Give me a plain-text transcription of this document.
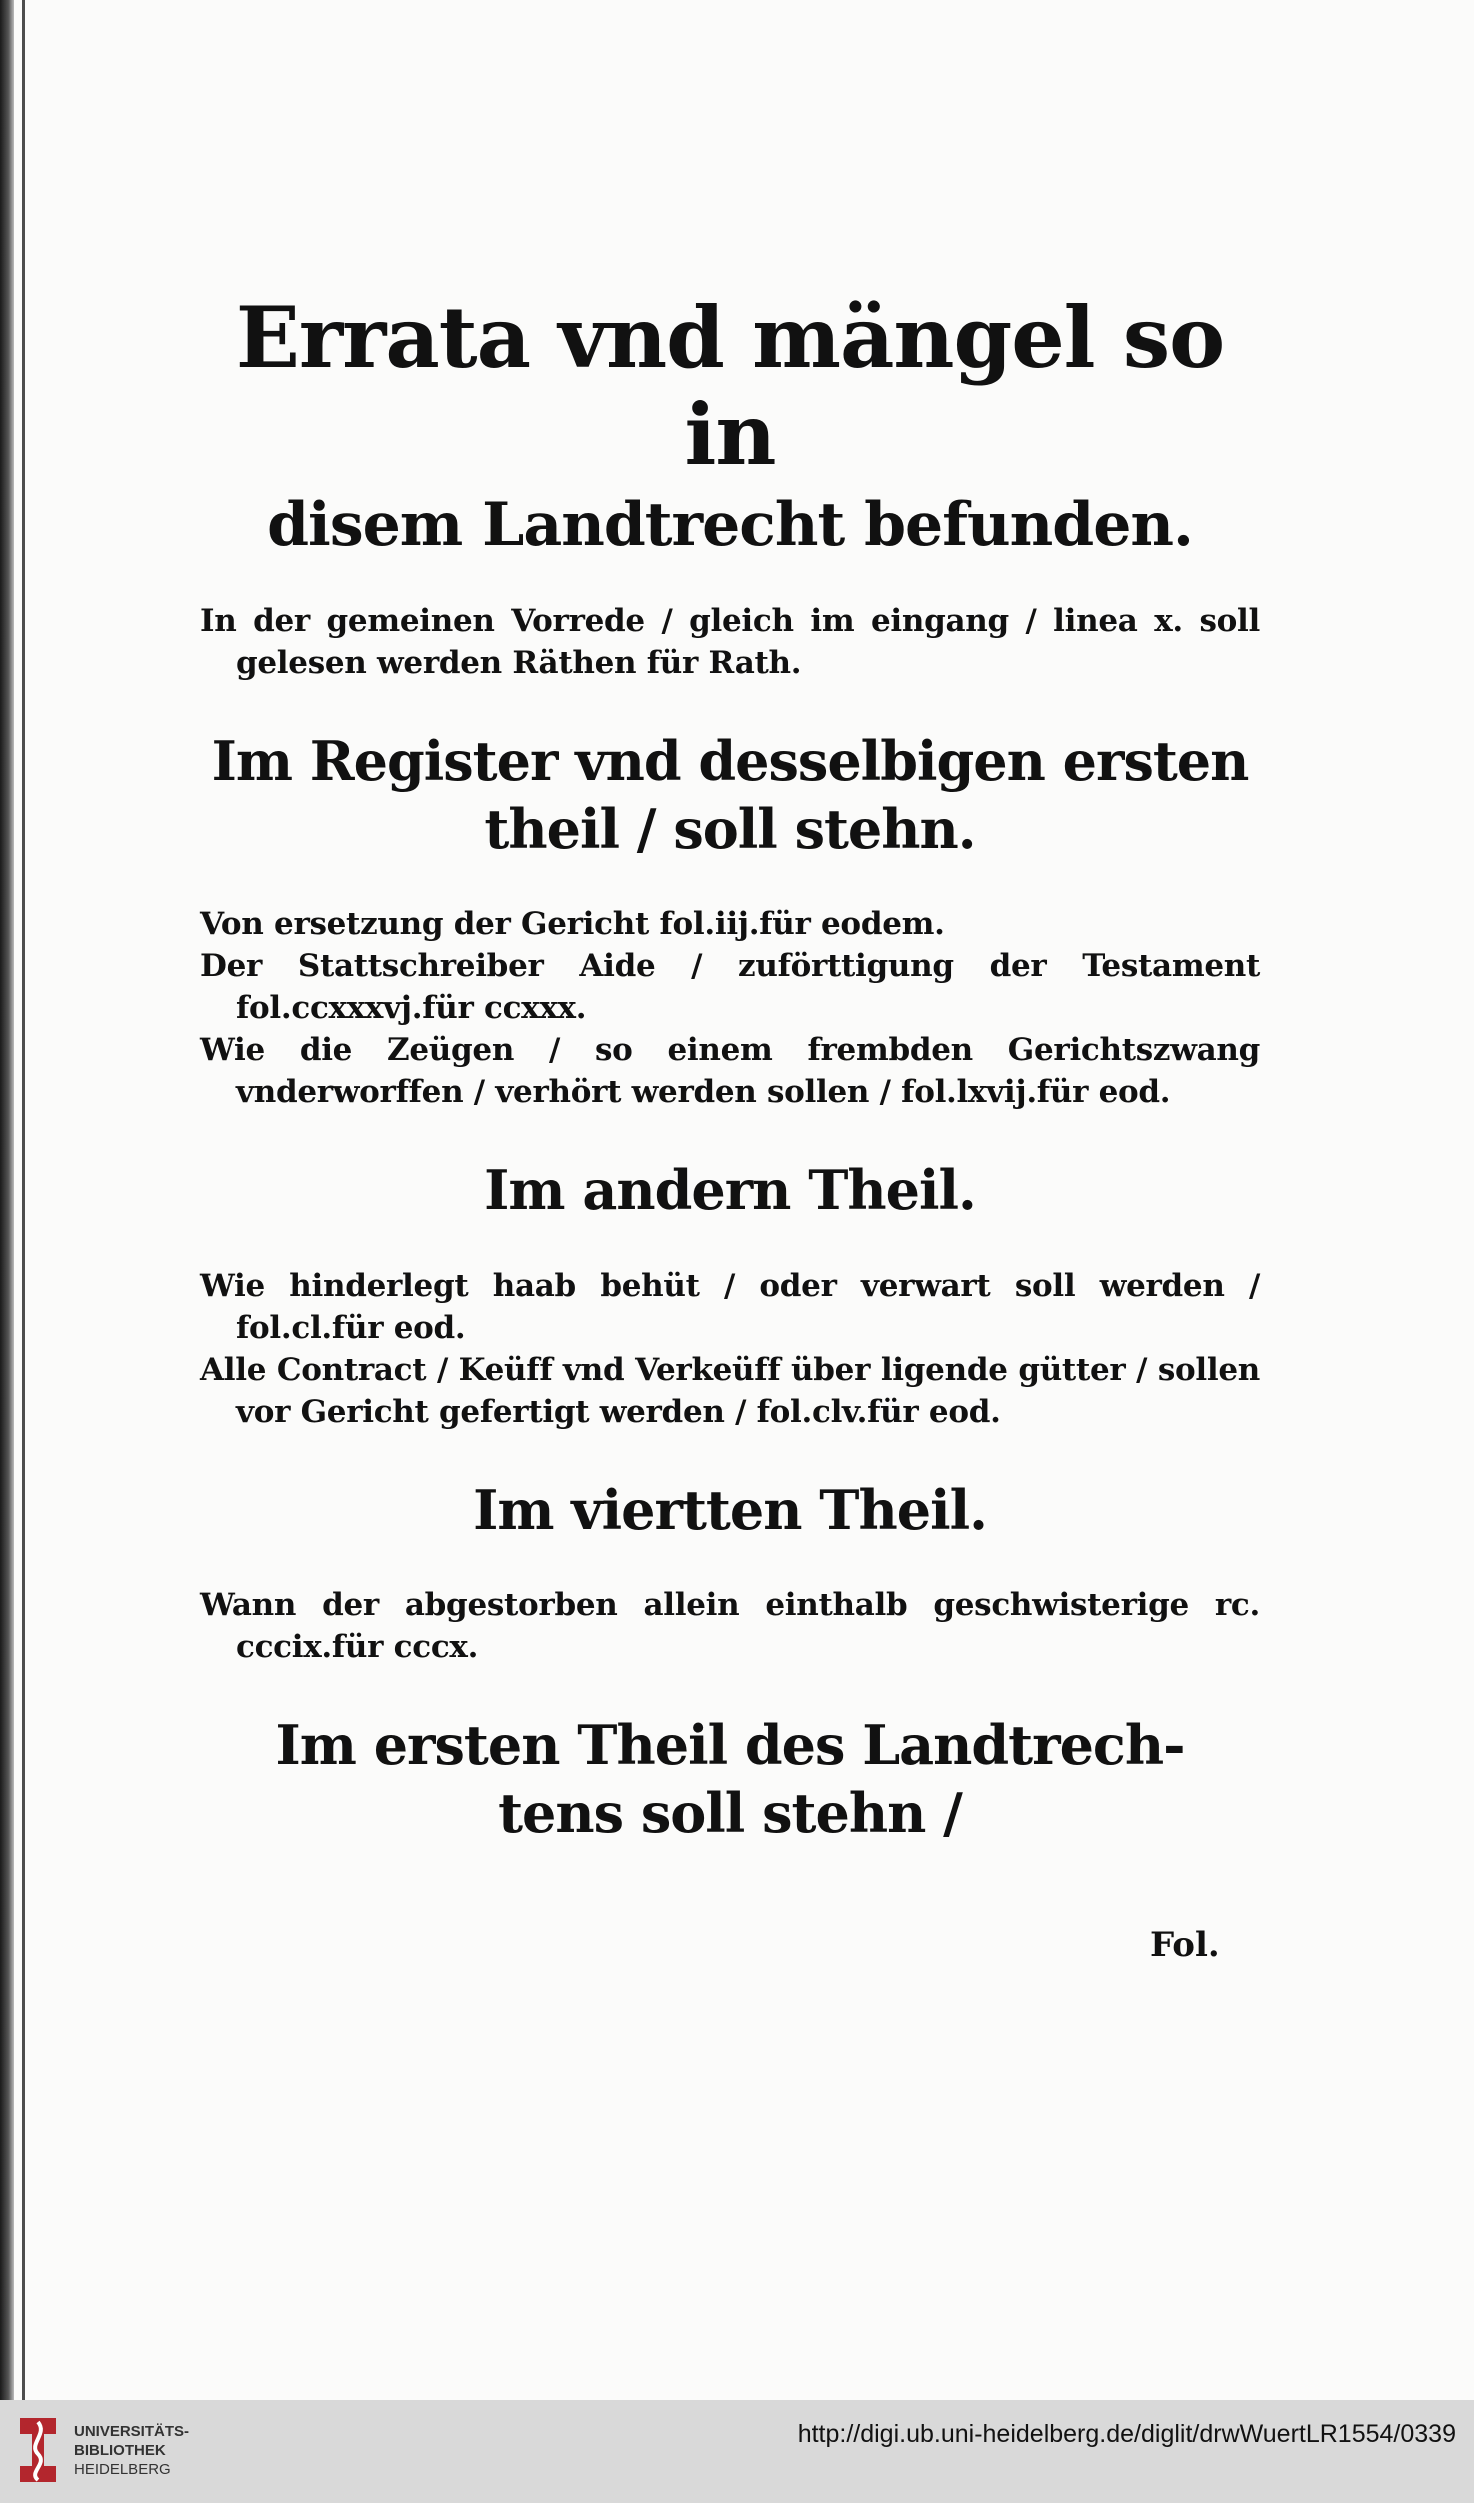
Errata vnd mängel so in
disem Landtrecht befunden.

In der gemeinen Vorrede / gleich im eingang / linea x. soll gelesen werden Räthen für Rath.

Im Register vnd desselbigen ersten
theil / soll stehn.

Von ersetzung der Gericht fol.iij.für eodem.

Der Stattschreiber Aide / zuförttigung der Testament fol.ccxxxvj.für ccxxx.

Wie die Zeügen / so einem frembden Gerichtszwang vnderworffen / verhört werden sollen / fol.lxvij.für eod.

Im andern Theil.

Wie hinderlegt haab behüt / oder verwart soll werden / fol.cl.für eod.

Alle Contract / Keüff vnd Verkeüff über ligende gütter / sollen vor Gericht gefertigt werden / fol.clv.für eod.

Im viertten Theil.

Wann der abgestorben allein einthalb geschwisterige rc. cccix.für cccx.

Im ersten Theil des Landtrech-
tens soll stehn /
Fol.
UNIVERSITÄTS-
BIBLIOTHEK
HEIDELBERG
http://digi.ub.uni-heidelberg.de/diglit/drwWuertLR1554/0339
